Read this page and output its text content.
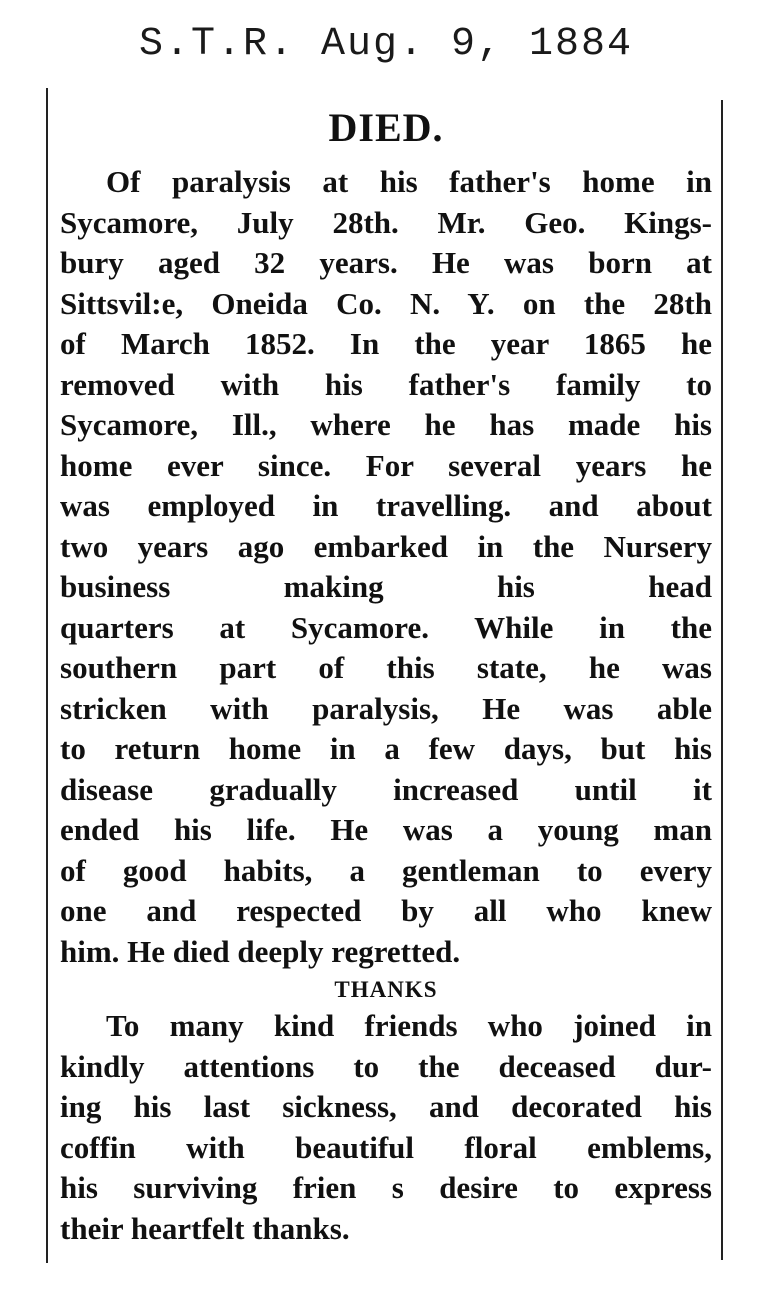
S.T.R. Aug. 9, 1884
DIED.
Of paralysis at his father's home in
Sycamore, July 28th. Mr. Geo. Kings-
bury aged 32 years. He was born at
Sittsvil:e, Oneida Co. N. Y. on the 28th
of March 1852. In the year 1865 he
removed with his father's family to
Sycamore, Ill., where he has made his
home ever since. For several years he
was employed in travelling. and about
two years ago embarked in the Nursery
business making his head
quarters at Sycamore. While in the
southern part of this state, he was
stricken with paralysis, He was able
to return home in a few days, but his
disease gradually increased until it
ended his life. He was a young man
of good habits, a gentleman to every
one and respected by all who knew
him. He died deeply regretted.
THANKS
To many kind friends who joined in
kindly attentions to the deceased dur-
ing his last sickness, and decorated his
coffin with beautiful floral emblems,
his surviving frien s desire to express
their heartfelt thanks.
